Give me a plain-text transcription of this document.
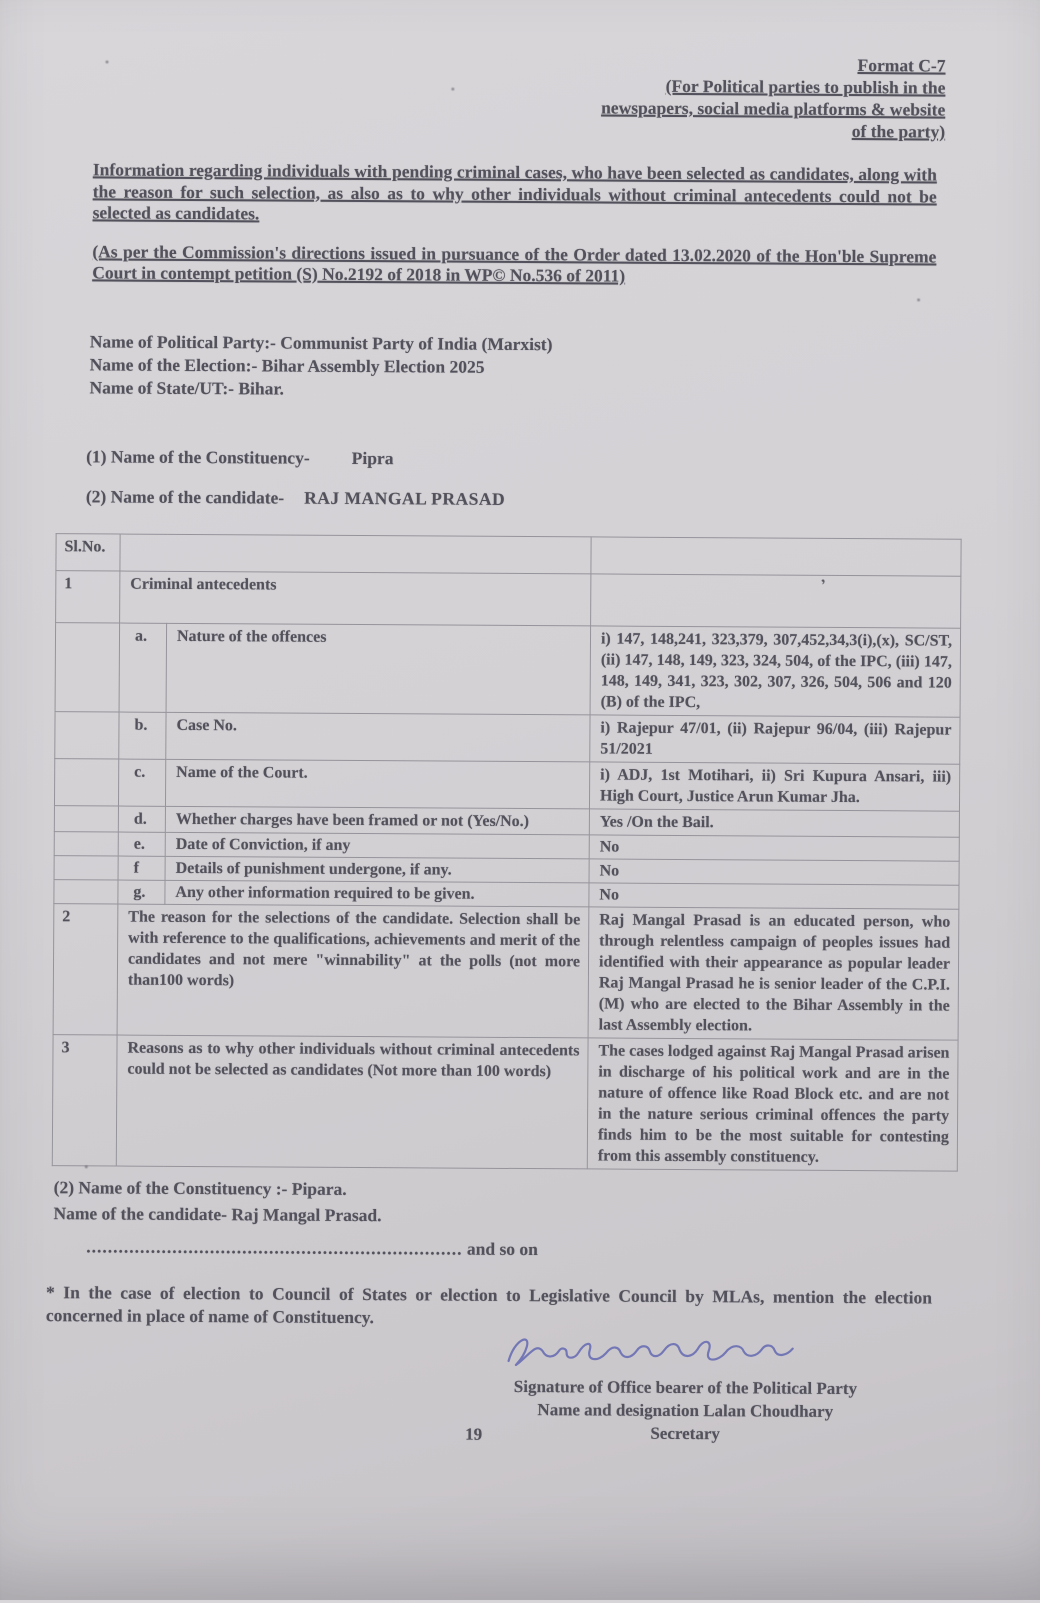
Format C-7
(For Political parties to publish in the
newspapers, social media platforms & website
of the party)
Information regarding individuals with pending criminal cases, who have been selected as candidates, along with the reason for such selection, as also as to why other individuals without criminal antecedents could not be selected as candidates.
(As per the Commission's directions issued in pursuance of the Order dated 13.02.2020 of the Hon'ble Supreme Court in contempt petition (S) No.2192 of 2018 in WP© No.536 of 2011)
Name of Political Party:- Communist Party of India (Marxist)
Name of the Election:- Bihar Assembly Election 2025
Name of State/UT:- Bihar.
(1) Name of the Constituency- Pipra
(2) Name of the candidate- RAJ MANGAL PRASAD
Sl.No.			
1	Criminal antecedents		
	a.	Nature of the offences	i) 147, 148,241, 323,379, 307,452,34,3(i),(x), SC/ST,(ii) 147, 148, 149, 323, 324, 504, of the IPC, (iii) 147, 148, 149, 341, 323, 302, 307, 326, 504, 506 and 120 (B) of the IPC,
	b.	Case No.	i) Rajepur 47/01, (ii) Rajepur 96/04, (iii) Rajepur 51/2021
	c.	Name of the Court.	i) ADJ, 1st Motihari, ii) Sri Kupura Ansari, iii) High Court, Justice Arun Kumar Jha.
	d.	Whether charges have been framed or not (Yes/No.)	Yes /On the Bail.
	e.	Date of Conviction, if any	No
	f	Details of punishment undergone, if any.	No
	g.	Any other information required to be given.	No
2	The reason for the selections of the candidate. Selection shall be with reference to the qualifications, achievements and merit of the candidates and not mere "winnability" at the polls (not more than100 words)	Raj Mangal Prasad is an educated person, who through relentless campaign of peoples issues had identified with their appearance as popular leader Raj Mangal Prasad he is senior leader of the C.P.I. (M) who are elected to the Bihar Assembly in the last Assembly election.
3	Reasons as to why other individuals without criminal antecedents could not be selected as candidates (Not more than 100 words)		The cases lodged against Raj Mangal Prasad arisen in discharge of his political work and are in the nature of offence like Road Block etc. and are not in the nature serious criminal offences the party finds him to be the most suitable for contesting from this assembly constituency.
(2) Name of the Constituency :- Pipara.
Name of the candidate- Raj Mangal Prasad.
...................................................................... and so on
* In the case of election to Council of States or election to Legislative Council by MLAs, mention the election concerned in place of name of Constituency.
Signature of Office bearer of the Political Party
Name and designation Lalan Choudhary
Secretary
19
,
